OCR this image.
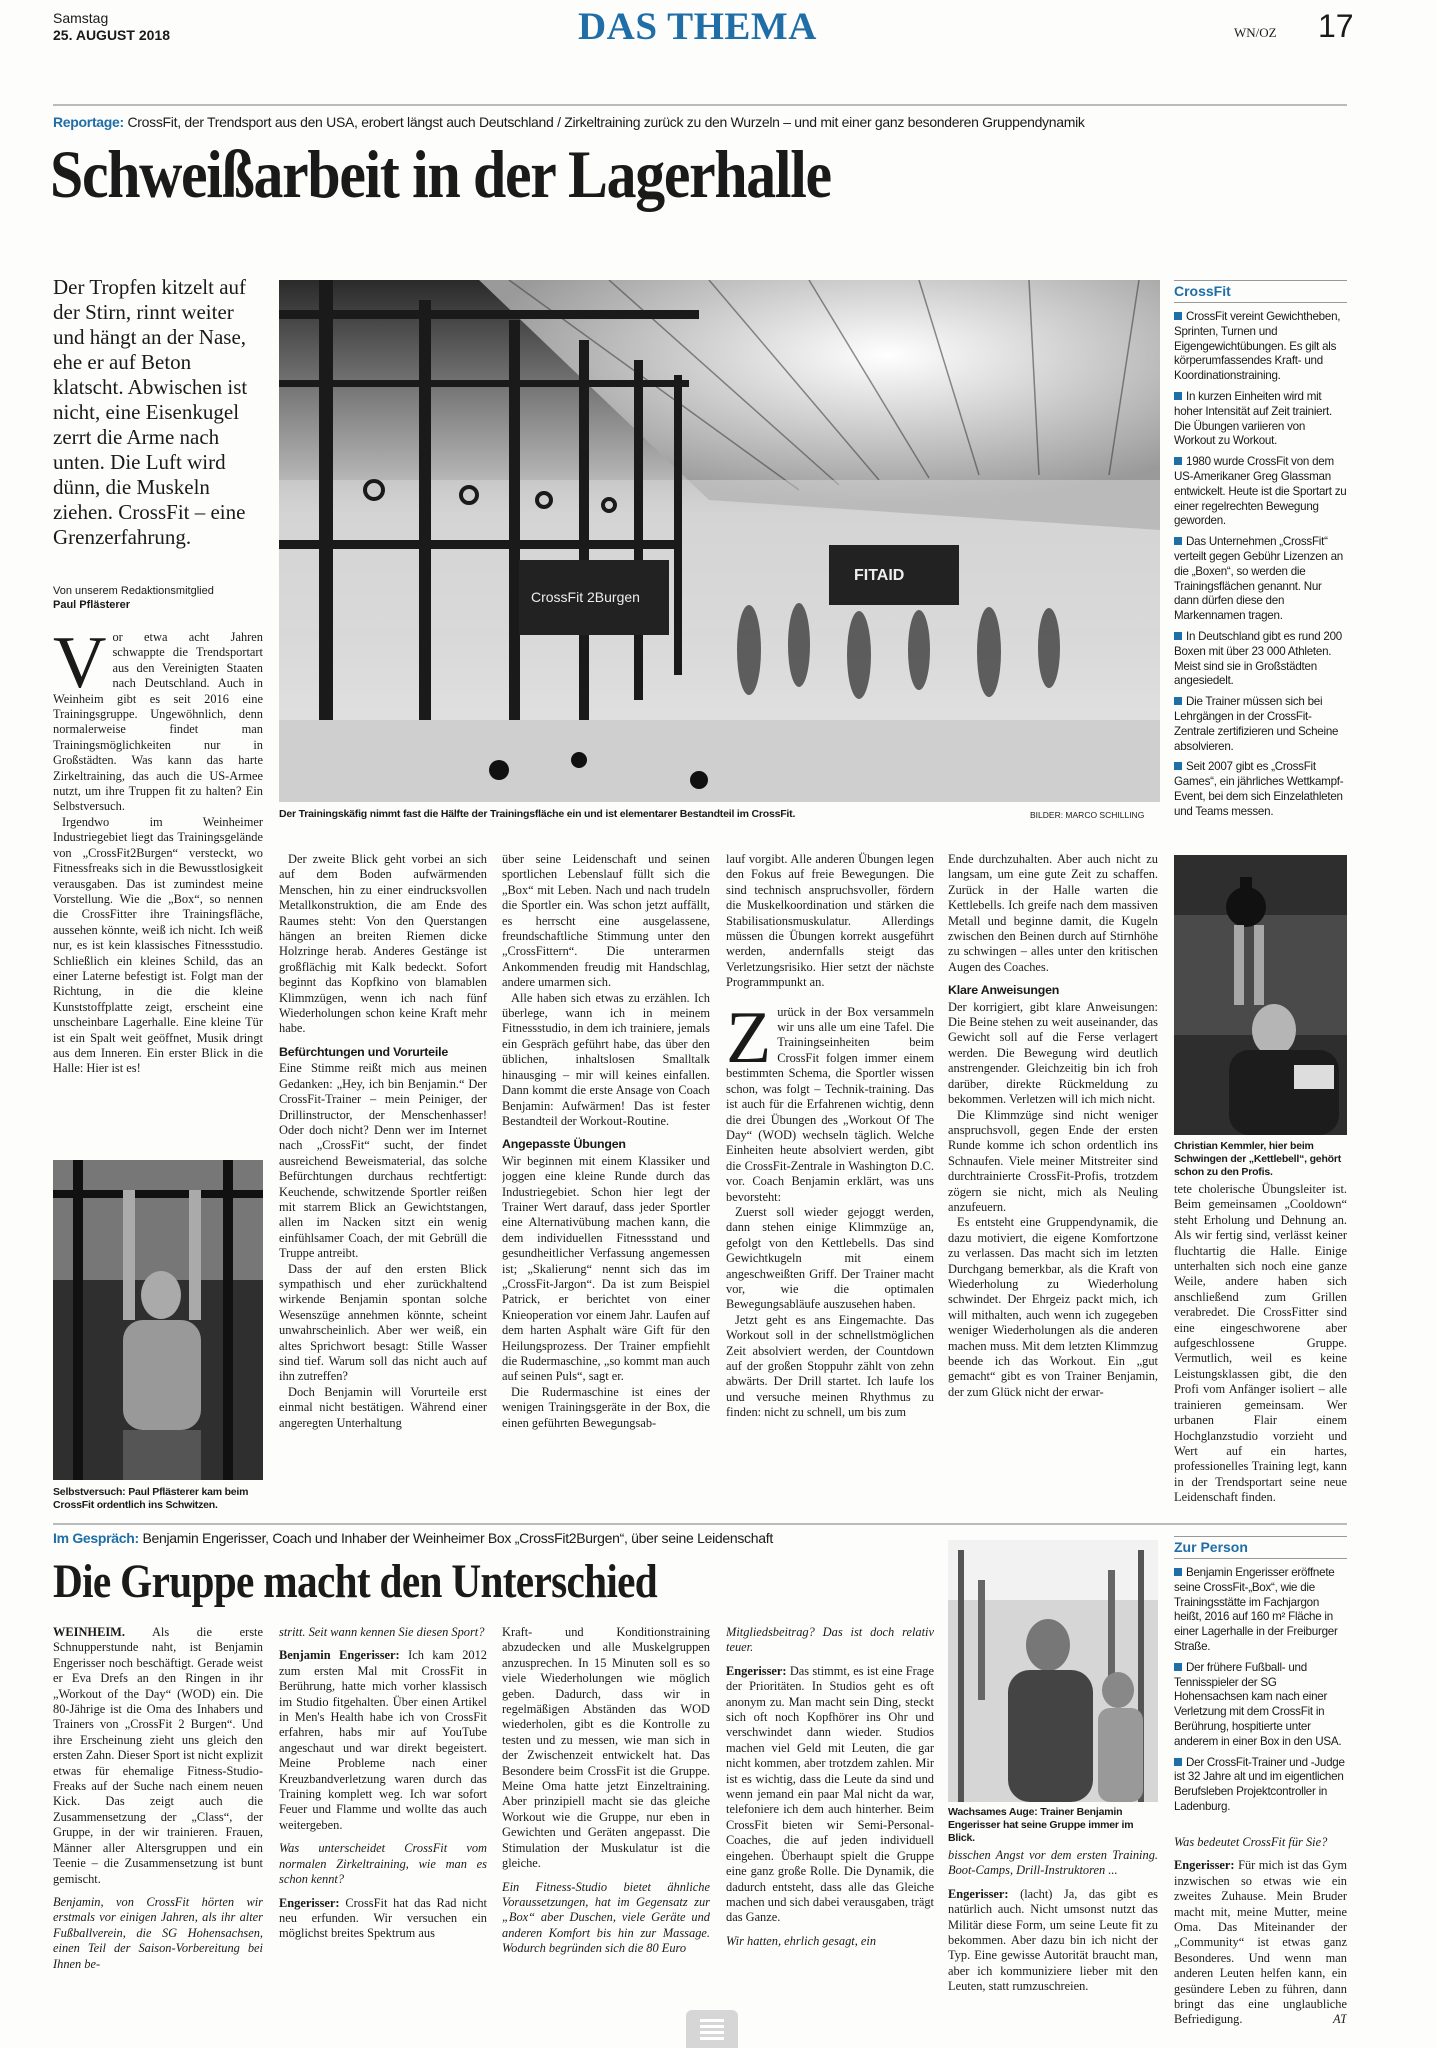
Samstag
25. AUGUST 2018	DAS THEMA	WN/OZ 17
Reportage: CrossFit, der Trendsport aus den USA, erobert längst auch Deutschland / Zirkeltraining zurück zu den Wurzeln – und mit einer ganz besonderen Gruppendynamik
Schweißarbeit in der Lagerhalle
Der Tropfen kitzelt auf der Stirn, rinnt weiter und hängt an der Nase, ehe er auf Beton klatscht. Abwischen ist nicht, eine Eisenkugel zerrt die Arme nach unten. Die Luft wird dünn, die Muskeln ziehen. CrossFit – eine Grenzerfahrung.
Von unserem Redaktionsmitglied
Paul Pflästerer
V or etwa acht Jahren schwappte die Trendsportart aus den Vereinigten Staaten nach Deutschland. Auch in Weinheim gibt es seit 2016 eine Trainingsgruppe. Ungewöhnlich, denn normalerweise findet man Trainingsmöglichkeiten nur in Großstädten. Was kann das harte Zirkeltraining, das auch die US-Armee nutzt, um ihre Truppen fit zu halten? Ein Selbstversuch.

Irgendwo im Weinheimer Industriegebiet liegt das Trainingsgelände von „CrossFit2Burgen“ versteckt, wo Fitnessfreaks sich in die Bewusstlosigkeit verausgaben. Das ist zumindest meine Vorstellung. Wie die „Box“, so nennen die CrossFitter ihre Trainingsfläche, aussehen könnte, weiß ich nicht. Ich weiß nur, es ist kein klassisches Fitnessstudio. Schließlich ein kleines Schild, das an einer Laterne befestigt ist. Folgt man der Richtung, in die die kleine Kunststoffplatte zeigt, erscheint eine unscheinbare Lagerhalle. Eine kleine Tür ist ein Spalt weit geöffnet, Musik dringt aus dem Inneren. Ein erster Blick in die Halle: Hier ist es!

CrossFit 2Burgen
FITAID
Der Trainingskäfig nimmt fast die Hälfte der Trainingsfläche ein und ist elementarer Bestandteil im CrossFit.	BILDER: MARCO SCHILLING
Selbstversuch: Paul Pflästerer kam beim CrossFit ordentlich ins Schwitzen.

Der zweite Blick geht vorbei an sich auf dem Boden aufwärmenden Menschen, hin zu einer eindrucksvollen Metallkonstruktion, die am Ende des Raumes steht: Von den Querstangen hängen an breiten Riemen dicke Holzringe herab. Anderes Gestänge ist großflächig mit Kalk bedeckt. Sofort beginnt das Kopfkino von blamablen Klimmzügen, wenn ich nach fünf Wiederholungen schon keine Kraft mehr habe.

Befürchtungen und Vorurteile

Eine Stimme reißt mich aus meinen Gedanken: „Hey, ich bin Benjamin.“ Der CrossFit-Trainer – mein Peiniger, der Drillinstructor, der Menschenhasser! Oder doch nicht? Denn wer im Internet nach „CrossFit“ sucht, der findet ausreichend Beweismaterial, das solche Befürchtungen durchaus rechtfertigt: Keuchende, schwitzende Sportler reißen mit starrem Blick an Gewichtstangen, allen im Nacken sitzt ein wenig einfühlsamer Coach, der mit Gebrüll die Truppe antreibt.

Dass der auf den ersten Blick sympathisch und eher zurückhaltend wirkende Benjamin spontan solche Wesenszüge annehmen könnte, scheint unwahrscheinlich. Aber wer weiß, ein altes Sprichwort besagt: Stille Wasser sind tief. Warum soll das nicht auch auf ihn zutreffen?

Doch Benjamin will Vorurteile erst einmal nicht bestätigen. Während einer angeregten Unterhaltung

über seine Leidenschaft und seinen sportlichen Lebenslauf füllt sich die „Box“ mit Leben. Nach und nach trudeln die Sportler ein. Was schon jetzt auffällt, es herrscht eine ausgelassene, freundschaftliche Stimmung unter den „CrossFittern“. Die unterarmen Ankommenden freudig mit Handschlag, andere umarmen sich.

Alle haben sich etwas zu erzählen. Ich überlege, wann ich in meinem Fitnessstudio, in dem ich trainiere, jemals ein Gespräch geführt habe, das über den üblichen, inhaltslosen Smalltalk hinausging – mir will keines einfallen. Dann kommt die erste Ansage von Coach Benjamin: Aufwärmen! Das ist fester Bestandteil der Workout-Routine.

Angepasste Übungen

Wir beginnen mit einem Klassiker und joggen eine kleine Runde durch das Industriegebiet. Schon hier legt der Trainer Wert darauf, dass jeder Sportler eine Alternativübung machen kann, die dem individuellen Fitnessstand und gesundheitlicher Verfassung angemessen ist; „Skalierung“ nennt sich das im „CrossFit-Jargon“. Da ist zum Beispiel Patrick, er berichtet von einer Knieoperation vor einem Jahr. Laufen auf dem harten Asphalt wäre Gift für den Heilungsprozess. Der Trainer empfiehlt die Rudermaschine, „so kommt man auch auf seinen Puls“, sagt er.

Die Rudermaschine ist eines der wenigen Trainingsgeräte in der Box, die einen geführten Bewegungsab-

lauf vorgibt. Alle anderen Übungen legen den Fokus auf freie Bewegungen. Die sind technisch anspruchsvoller, fördern die Muskelkoordination und stärken die Stabilisationsmuskulatur. Allerdings müssen die Übungen korrekt ausgeführt werden, andernfalls steigt das Verletzungsrisiko. Hier setzt der nächste Programmpunkt an.

Z urück in der Box versammeln wir uns alle um eine Tafel. Die Trainingseinheiten beim CrossFit folgen immer einem bestimmten Schema, die Sportler wissen schon, was folgt – Technik-training. Das ist auch für die Erfahrenen wichtig, denn die drei Übungen des „Workout Of The Day“ (WOD) wechseln täglich. Welche Einheiten heute absolviert werden, gibt die CrossFit-Zentrale in Washington D.C. vor. Coach Benjamin erklärt, was uns bevorsteht:

Zuerst soll wieder gejoggt werden, dann stehen einige Klimmzüge an, gefolgt von den Kettlebells. Das sind Gewichtkugeln mit einem angeschweißten Griff. Der Trainer macht vor, wie die optimalen Bewegungsabläufe auszusehen haben.

Jetzt geht es ans Eingemachte. Das Workout soll in der schnellstmöglichen Zeit absolviert werden, der Countdown auf der großen Stoppuhr zählt von zehn abwärts. Der Drill startet. Ich laufe los und versuche meinen Rhythmus zu finden: nicht zu schnell, um bis zum

Ende durchzuhalten. Aber auch nicht zu langsam, um eine gute Zeit zu schaffen. Zurück in der Halle warten die Kettlebells. Ich greife nach dem massiven Metall und beginne damit, die Kugeln zwischen den Beinen durch auf Stirnhöhe zu schwingen – alles unter den kritischen Augen des Coaches.

Klare Anweisungen

Der korrigiert, gibt klare Anweisungen: Die Beine stehen zu weit auseinander, das Gewicht soll auf die Ferse verlagert werden. Die Bewegung wird deutlich anstrengender. Gleichzeitig bin ich froh darüber, direkte Rückmeldung zu bekommen. Verletzen will ich mich nicht.

Die Klimmzüge sind nicht weniger anspruchsvoll, gegen Ende der ersten Runde komme ich schon ordentlich ins Schnaufen. Viele meiner Mitstreiter sind durchtrainierte CrossFit-Profis, trotzdem zögern sie nicht, mich als Neuling anzufeuern.

Es entsteht eine Gruppendynamik, die dazu motiviert, die eigene Komfortzone zu verlassen. Das macht sich im letzten Durchgang bemerkbar, als die Kraft von Wiederholung zu Wiederholung schwindet. Der Ehrgeiz packt mich, ich will mithalten, auch wenn ich zugegeben weniger Wiederholungen als die anderen machen muss. Mit dem letzten Klimmzug beende ich das Workout. Ein „gut gemacht“ gibt es von Trainer Benjamin, der zum Glück nicht der erwar-

CrossFit
CrossFit vereint Gewichtheben, Sprinten, Turnen und Eigengewichtübungen. Es gilt als körperumfassendes Kraft- und Koordinationstraining.
In kurzen Einheiten wird mit hoher Intensität auf Zeit trainiert. Die Übungen variieren von Workout zu Workout.
1980 wurde CrossFit von dem US-Amerikaner Greg Glassman entwickelt. Heute ist die Sportart zu einer regelrechten Bewegung geworden.
Das Unternehmen „CrossFit“ verteilt gegen Gebühr Lizenzen an die „Boxen“, so werden die Trainingsflächen genannt. Nur dann dürfen diese den Markennamen tragen.
In Deutschland gibt es rund 200 Boxen mit über 23 000 Athleten. Meist sind sie in Großstädten angesiedelt.
Die Trainer müssen sich bei Lehrgängen in der CrossFit-Zentrale zertifizieren und Scheine absolvieren.
Seit 2007 gibt es „CrossFit Games“, ein jährliches Wettkampf-Event, bei dem sich Einzelathleten und Teams messen.
Christian Kemmler, hier beim Schwingen der „Kettlebell“, gehört schon zu den Profis.

tete cholerische Übungsleiter ist. Beim gemeinsamen „Cooldown“ steht Erholung und Dehnung an. Als wir fertig sind, verlässt keiner fluchtartig die Halle. Einige unterhalten sich noch eine ganze Weile, andere haben sich anschließend zum Grillen verabredet. Die CrossFitter sind eine eingeschworene aber aufgeschlossene Gruppe. Vermutlich, weil es keine Leistungsklassen gibt, die den Profi vom Anfänger isoliert – alle trainieren gemeinsam. Wer urbanen Flair einem Hochglanzstudio vorzieht und Wert auf ein hartes, professionelles Training legt, kann in der Trendsportart seine neue Leidenschaft finden.

Im Gespräch: Benjamin Engerisser, Coach und Inhaber der Weinheimer Box „CrossFit2Burgen“, über seine Leidenschaft
Die Gruppe macht den Unterschied

WEINHEIM. Als die erste Schnupperstunde naht, ist Benjamin Engerisser noch beschäftigt. Gerade weist er Eva Drefs an den Ringen in ihr „Workout of the Day“ (WOD) ein. Die 80-Jährige ist die Oma des Inhabers und Trainers von „CrossFit 2 Burgen“. Und ihre Erscheinung zieht uns gleich den ersten Zahn. Dieser Sport ist nicht explizit etwas für ehemalige Fitness-Studio-Freaks auf der Suche nach einem neuen Kick. Das zeigt auch die Zusammensetzung der „Class“, der Gruppe, in der wir trainieren. Frauen, Männer aller Altersgruppen und ein Teenie – die Zusammensetzung ist bunt gemischt.

Benjamin, von CrossFit hörten wir erstmals vor einigen Jahren, als ihr alter Fußballverein, die SG Hohensachsen, einen Teil der Saison-Vorbereitung bei Ihnen be-

stritt. Seit wann kennen Sie diesen Sport?

Benjamin Engerisser: Ich kam 2012 zum ersten Mal mit CrossFit in Berührung, hatte mich vorher klassisch im Studio fitgehalten. Über einen Artikel in Men's Health habe ich von CrossFit erfahren, habs mir auf YouTube angeschaut und war direkt begeistert. Meine Probleme nach einer Kreuzbandverletzung waren durch das Training komplett weg. Ich war sofort Feuer und Flamme und wollte das auch weitergeben.

Was unterscheidet CrossFit vom normalen Zirkeltraining, wie man es schon kennt?

Engerisser: CrossFit hat das Rad nicht neu erfunden. Wir versuchen ein möglichst breites Spektrum aus

Kraft- und Konditionstraining abzudecken und alle Muskelgruppen anzusprechen. In 15 Minuten soll es so viele Wiederholungen wie möglich geben. Dadurch, dass wir in regelmäßigen Abständen das WOD wiederholen, gibt es die Kontrolle zu testen und zu messen, wie man sich in der Zwischenzeit entwickelt hat. Das Besondere beim CrossFit ist die Gruppe. Meine Oma hatte jetzt Einzeltraining. Aber prinzipiell macht sie das gleiche Workout wie die Gruppe, nur eben in Gewichten und Geräten angepasst. Die Stimulation der Muskulatur ist die gleiche.

Ein Fitness-Studio bietet ähnliche Voraussetzungen, hat im Gegensatz zur „Box“ aber Duschen, viele Geräte und anderen Komfort bis hin zur Massage. Wodurch begründen sich die 80 Euro

Mitgliedsbeitrag? Das ist doch relativ teuer.

Engerisser: Das stimmt, es ist eine Frage der Prioritäten. In Studios geht es oft anonym zu. Man macht sein Ding, steckt sich oft noch Kopfhörer ins Ohr und verschwindet dann wieder. Studios machen viel Geld mit Leuten, die gar nicht kommen, aber trotzdem zahlen. Mir ist es wichtig, dass die Leute da sind und wenn jemand ein paar Mal nicht da war, telefoniere ich dem auch hinterher. Beim CrossFit bieten wir Semi-Personal-Coaches, die auf jeden individuell eingehen. Überhaupt spielt die Gruppe eine ganz große Rolle. Die Dynamik, die dadurch entsteht, dass alle das Gleiche machen und sich dabei verausgaben, trägt das Ganze.

Wir hatten, ehrlich gesagt, ein

Wachsames Auge: Trainer Benjamin Engerisser hat seine Gruppe immer im Blick.

bisschen Angst vor dem ersten Training. Boot-Camps, Drill-Instruktoren ...

Engerisser: (lacht) Ja, das gibt es natürlich auch. Nicht umsonst nutzt das Militär diese Form, um seine Leute fit zu bekommen. Aber dazu bin ich nicht der Typ. Eine gewisse Autorität braucht man, aber ich kommuniziere lieber mit den Leuten, statt rumzuschreien.

Zur Person
Benjamin Engerisser eröffnete seine CrossFit-„Box“, wie die Trainingsstätte im Fachjargon heißt, 2016 auf 160 m² Fläche in einer Lagerhalle in der Freiburger Straße.
Der frühere Fußball- und Tennisspieler der SG Hohensachsen kam nach einer Verletzung mit dem CrossFit in Berührung, hospitierte unter anderem in einer Box in den USA.
Der CrossFit-Trainer und -Judge ist 32 Jahre alt und im eigentlichen Berufsleben Projektcontroller in Ladenburg.

Was bedeutet CrossFit für Sie?

Engerisser: Für mich ist das Gym inzwischen so etwas wie ein zweites Zuhause. Mein Bruder macht mit, meine Mutter, meine Oma. Das Miteinander der „Community“ ist etwas ganz Besonderes. Und wenn man anderen Leuten helfen kann, ein gesündere Leben zu führen, dann bringt das eine unglaubliche Befriedigung.	AT
